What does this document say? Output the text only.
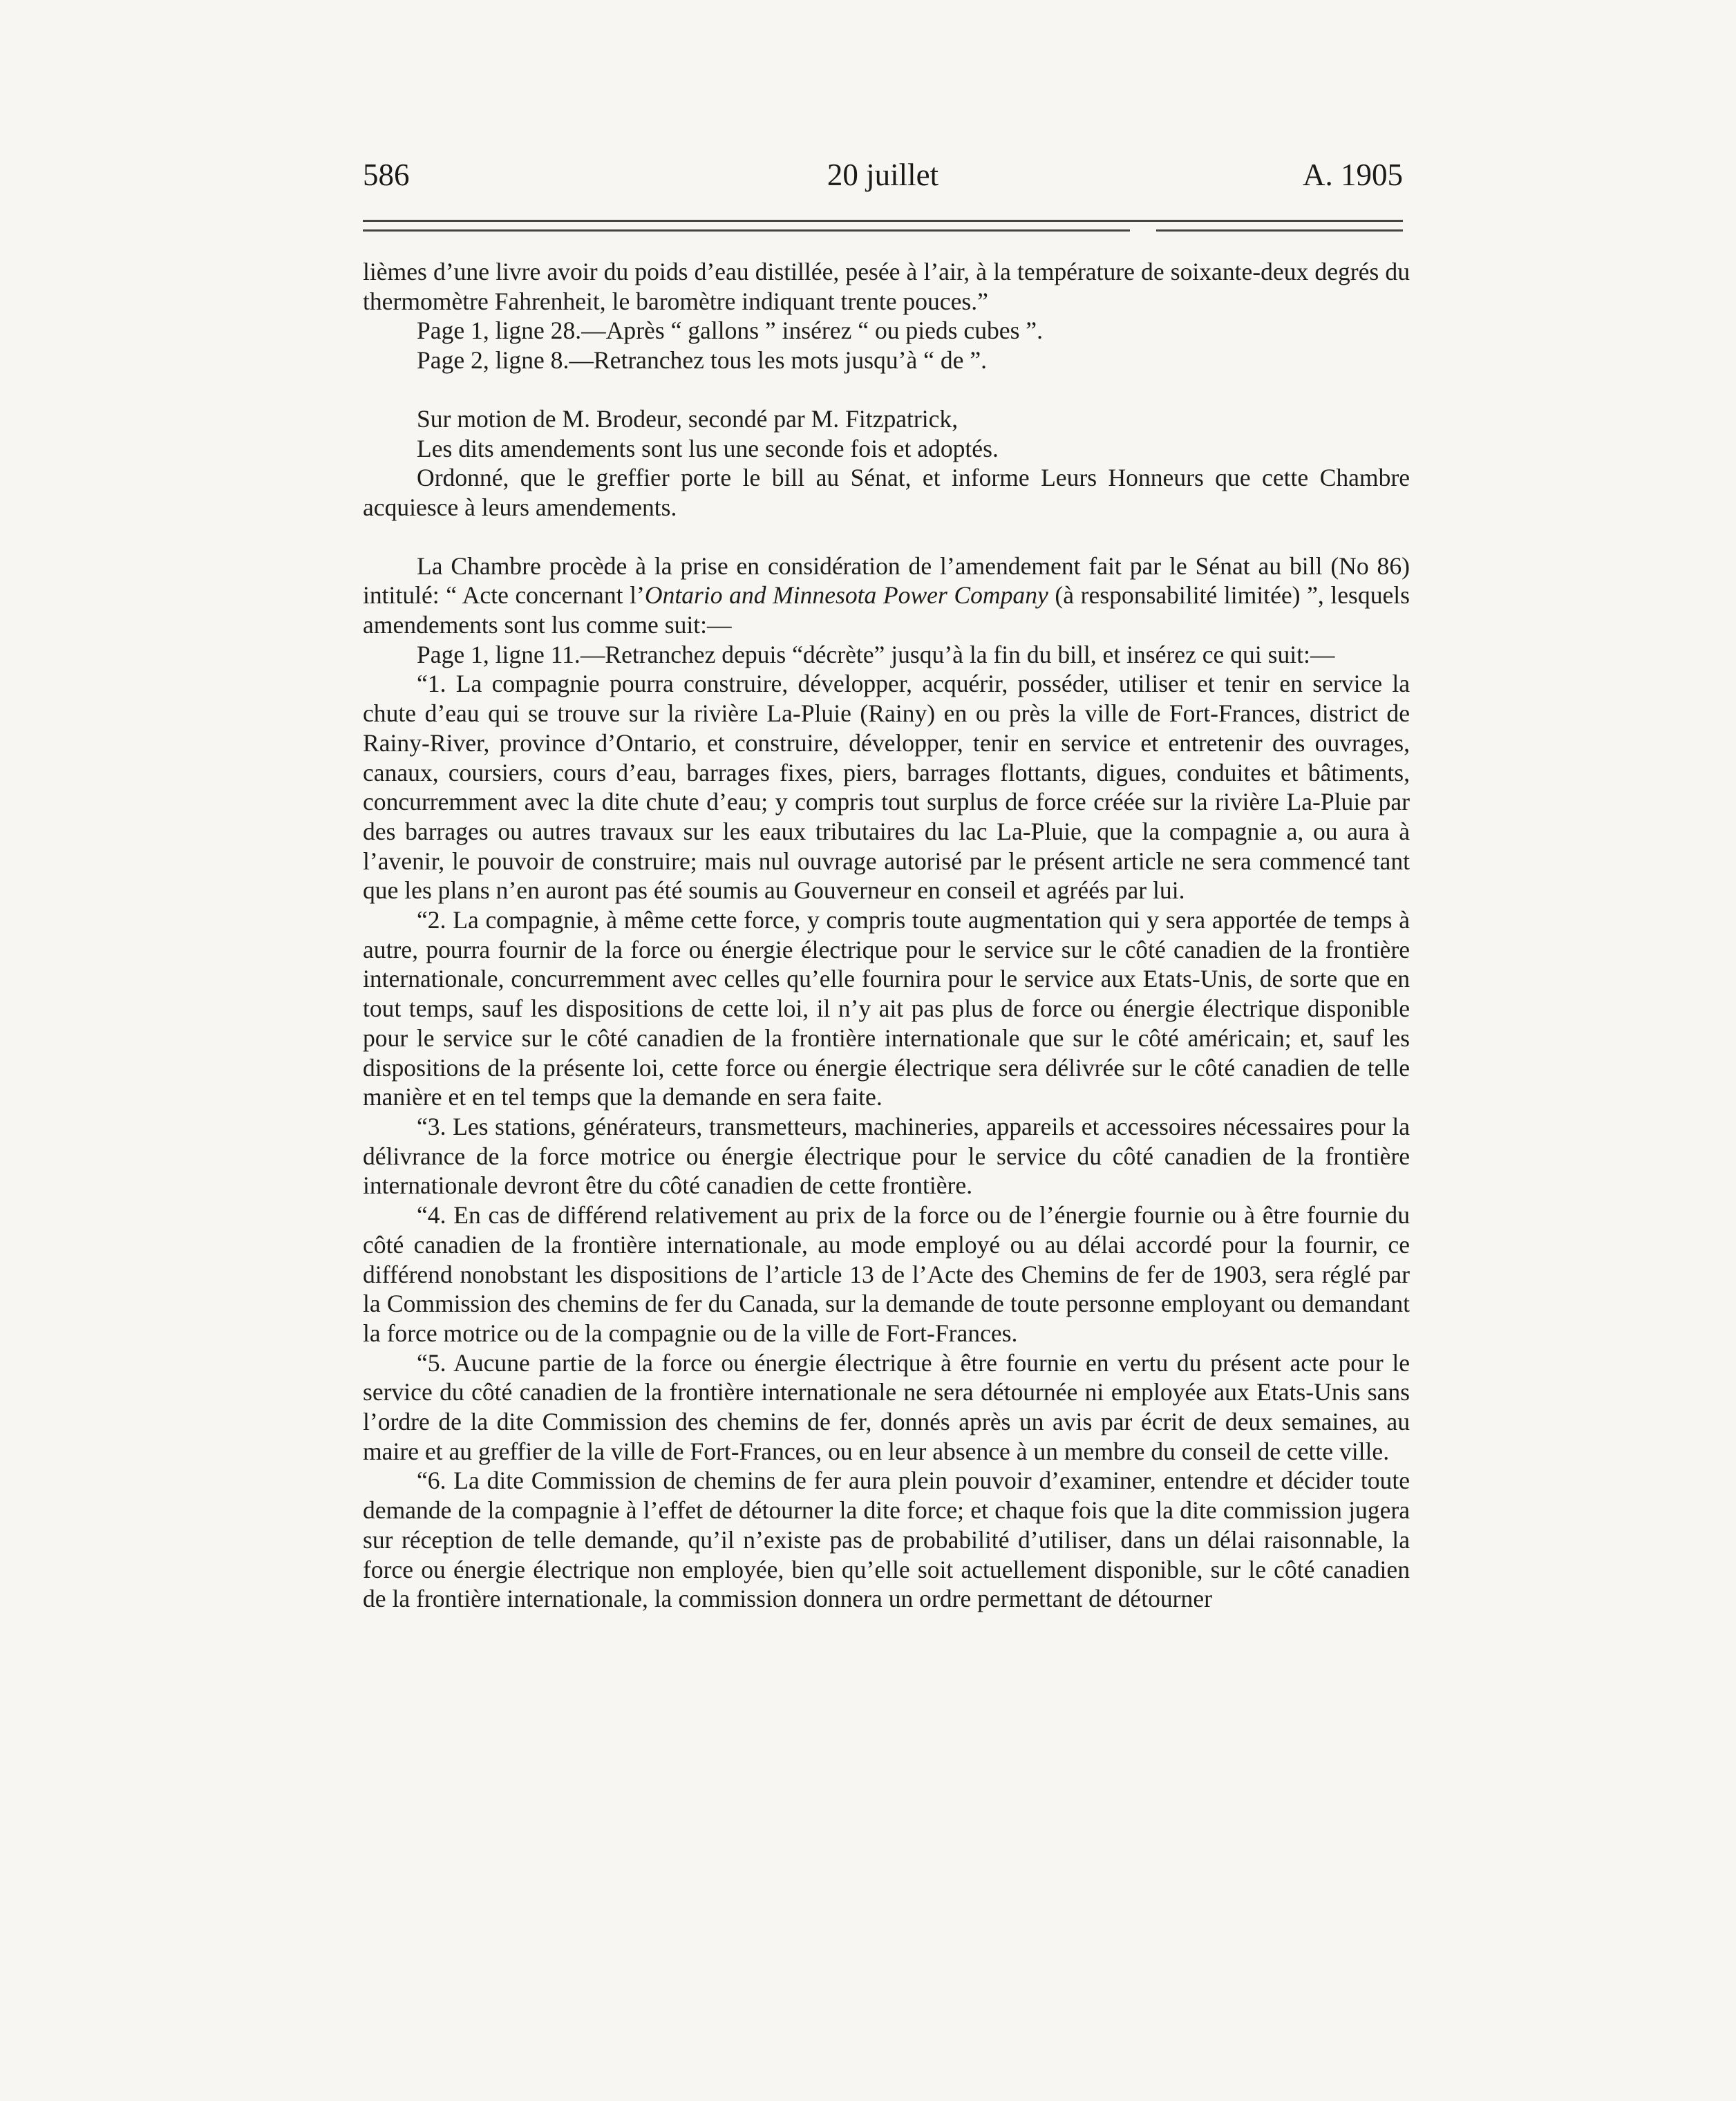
586	20 juillet	A. 1905

lièmes d’une livre avoir du poids d’eau distillée, pesée à l’air, à la température de soixante-deux degrés du thermomètre Fahrenheit, le baromètre indiquant trente pouces.”

Page 1, ligne 28.—Après “ gallons ” insérez “ ou pieds cubes ”.

Page 2, ligne 8.—Retranchez tous les mots jusqu’à “ de ”.

Sur motion de M. Brodeur, secondé par M. Fitzpatrick,

Les dits amendements sont lus une seconde fois et adoptés.

Ordonné, que le greffier porte le bill au Sénat, et informe Leurs Honneurs que cette Chambre acquiesce à leurs amendements.

La Chambre procède à la prise en considération de l’amendement fait par le Sénat au bill (No 86) intitulé: “ Acte concernant l’Ontario and Minnesota Power Company (à responsabilité limitée) ”, lesquels amendements sont lus comme suit:—

Page 1, ligne 11.—Retranchez depuis “décrète” jusqu’à la fin du bill, et insérez ce qui suit:—

“1. La compagnie pourra construire, développer, acquérir, posséder, utiliser et tenir en service la chute d’eau qui se trouve sur la rivière La-Pluie (Rainy) en ou près la ville de Fort-Frances, district de Rainy-River, province d’Ontario, et construire, développer, tenir en service et entretenir des ouvrages, canaux, coursiers, cours d’eau, barrages fixes, piers, barrages flottants, digues, conduites et bâtiments, concurremment avec la dite chute d’eau; y compris tout surplus de force créée sur la rivière La-Pluie par des barrages ou autres travaux sur les eaux tributaires du lac La-Pluie, que la compagnie a, ou aura à l’avenir, le pouvoir de construire; mais nul ouvrage autorisé par le présent article ne sera commencé tant que les plans n’en auront pas été soumis au Gouverneur en conseil et agréés par lui.

“2. La compagnie, à même cette force, y compris toute augmentation qui y sera apportée de temps à autre, pourra fournir de la force ou énergie électrique pour le service sur le côté canadien de la frontière internationale, concurremment avec celles qu’elle fournira pour le service aux Etats-Unis, de sorte que en tout temps, sauf les dispositions de cette loi, il n’y ait pas plus de force ou énergie électrique disponible pour le service sur le côté canadien de la frontière internationale que sur le côté américain; et, sauf les dispositions de la présente loi, cette force ou énergie électrique sera délivrée sur le côté canadien de telle manière et en tel temps que la demande en sera faite.

“3. Les stations, générateurs, transmetteurs, machineries, appareils et accessoires nécessaires pour la délivrance de la force motrice ou énergie électrique pour le service du côté canadien de la frontière internationale devront être du côté canadien de cette frontière.

“4. En cas de différend relativement au prix de la force ou de l’énergie fournie ou à être fournie du côté canadien de la frontière internationale, au mode employé ou au délai accordé pour la fournir, ce différend nonobstant les dispositions de l’article 13 de l’Acte des Chemins de fer de 1903, sera réglé par la Commission des chemins de fer du Canada, sur la demande de toute personne employant ou demandant la force motrice ou de la compagnie ou de la ville de Fort-Frances.

“5. Aucune partie de la force ou énergie électrique à être fournie en vertu du présent acte pour le service du côté canadien de la frontière internationale ne sera détournée ni employée aux Etats-Unis sans l’ordre de la dite Commission des chemins de fer, donnés après un avis par écrit de deux semaines, au maire et au greffier de la ville de Fort-Frances, ou en leur absence à un membre du conseil de cette ville.

“6. La dite Commission de chemins de fer aura plein pouvoir d’examiner, entendre et décider toute demande de la compagnie à l’effet de détourner la dite force; et chaque fois que la dite commission jugera sur réception de telle demande, qu’il n’existe pas de probabilité d’utiliser, dans un délai raisonnable, la force ou énergie électrique non employée, bien qu’elle soit actuellement disponible, sur le côté canadien de la frontière internationale, la commission donnera un ordre permettant de détourner
